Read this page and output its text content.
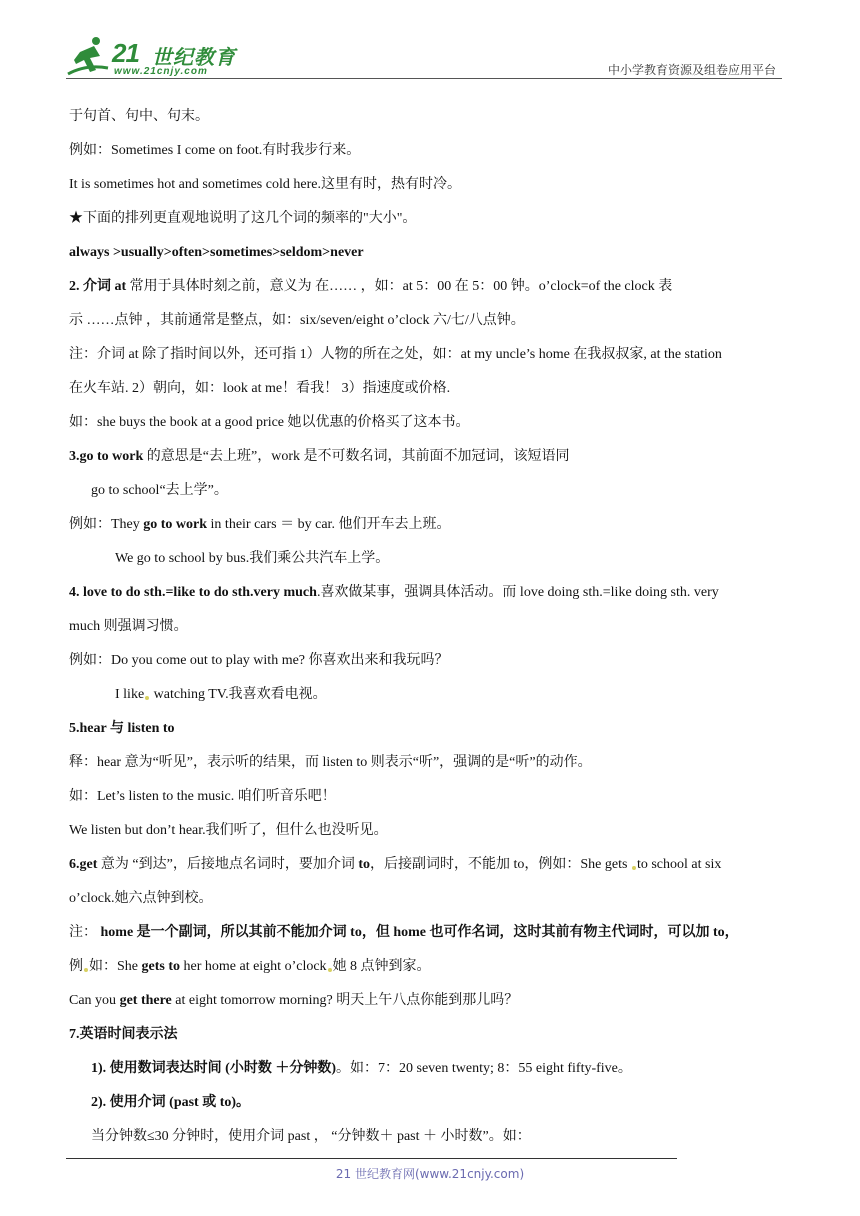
21 世纪教育
www.21cnjy.com	中小学教育资源及组卷应用平台

于句首、句中、句末。

例如：Sometimes I come on foot.有时我步行来。

It is sometimes hot and sometimes cold here.这里有时，热有时冷。

★下面的排列更直观地说明了这几个词的频率的"大小"。

always >usually>often>sometimes>seldom>never

2. 介词 at 常用于具体时刻之前，意义为 在…… ，如：at 5：00 在 5：00 钟。o’clock=of the clock 表

示 ……点钟 ，其前通常是整点，如：six/seven/eight o’clock 六/七/八点钟。

注：介词 at 除了指时间以外，还可指 1）人物的所在之处，如：at my uncle’s home 在我叔叔家, at the station

在火车站. 2）朝向，如：look at me！看我！ 3）指速度或价格.

如：she buys the book at a good price 她以优惠的价格买了这本书。

3.go to work 的意思是“去上班”，work 是不可数名词，其前面不加冠词，该短语同

go to school“去上学”。

例如：They go to work in their cars ＝ by car. 他们开车去上班。

We go to school by bus.我们乘公共汽车上学。

4. love to do sth.=like to do sth.very much.喜欢做某事，强调具体活动。而 love doing sth.=like doing sth. very

much 则强调习惯。

例如：Do you come out to play with me? 你喜欢出来和我玩吗？

I like watching TV.我喜欢看电视。

5.hear 与 listen to

释：hear 意为“听见”，表示听的结果，而 listen to 则表示“听”，强调的是“听”的动作。

如：Let’s listen to the music. 咱们听音乐吧！

We listen but don’t hear.我们听了，但什么也没听见。

6.get 意为 “到达”，后接地点名词时，要加介词 to，后接副词时，不能加 to，例如：She gets to school at six

o’clock.她六点钟到校。

注： home 是一个副词，所以其前不能加介词 to，但 home 也可作名词，这时其前有物主代词时，可以加 to，

例 如：She gets to her home at eight o’clock 她 8 点钟到家。

Can you get there at eight tomorrow morning? 明天上午八点你能到那儿吗？

7.英语时间表示法

1). 使用数词表达时间 (小时数 ＋分钟数)。如：7：20 seven twenty; 8：55 eight fifty-five。

2). 使用介词 (past 或 to)。

当分钟数≤30 分钟时，使用介词 past ， “分钟数＋ past ＋ 小时数”。如：

21 世纪教育网(www.21cnjy.com)
